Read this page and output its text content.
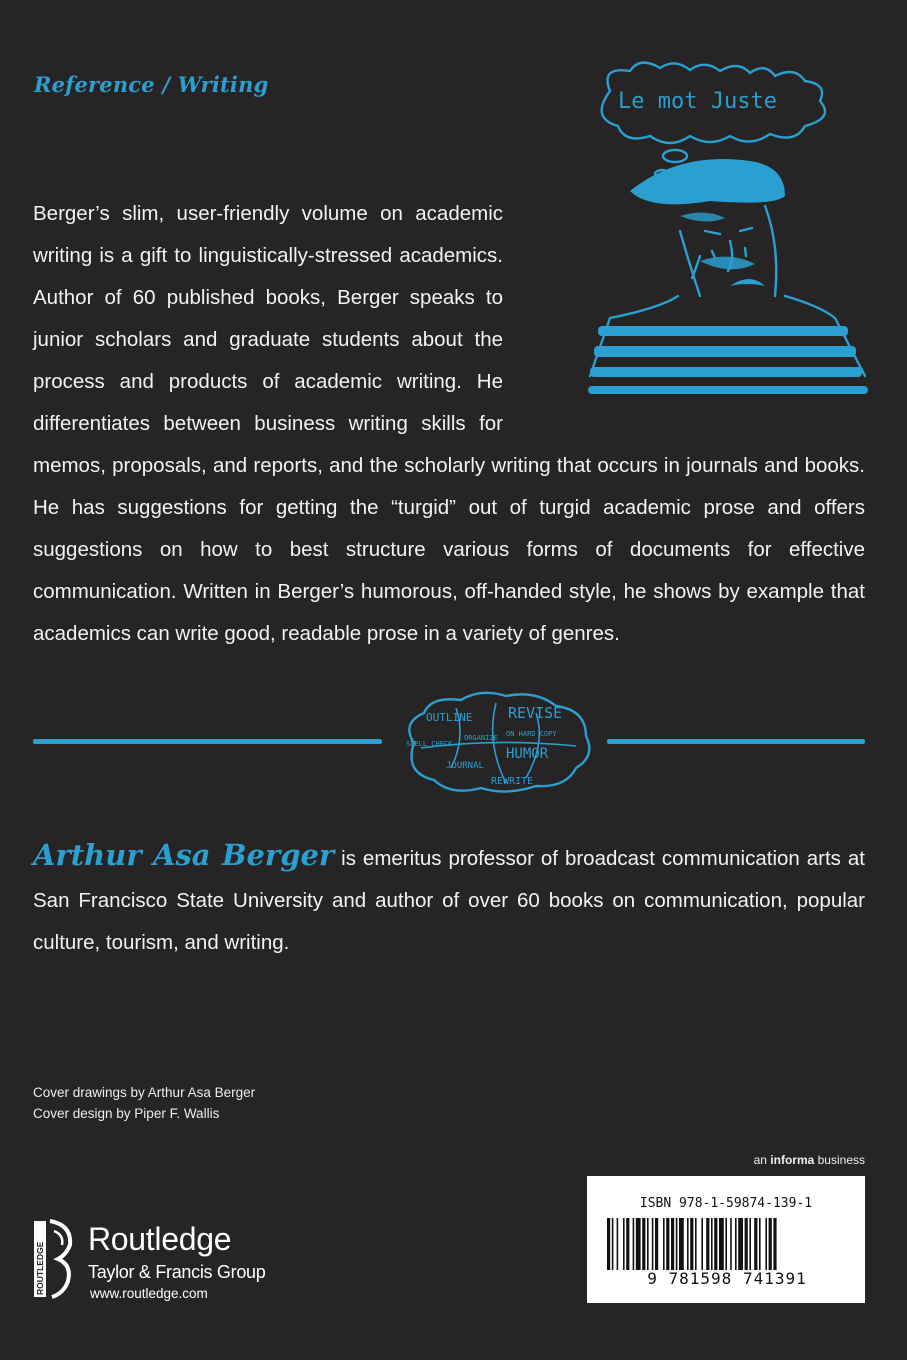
Reference / Writing
Le mot Juste

Berger’s slim, user-friendly volume on academic writing is a gift to linguistically-stressed academics. Author of 60 published books, Berger speaks to junior scholars and graduate students about the process and products of academic writing. He differentiates between business writing skills for memos, proposals, and reports, and the scholarly writing that occurs in journals and books. He has suggestions for getting the “turgid” out of turgid academic prose and offers suggestions on how to best structure various forms of documents for effective communication. Written in Berger’s humorous, off-handed style, he shows by example that academics can write good, readable prose in a variety of genres.

OUTLINE REVISE
SPELL CHECK
ORGANIZE ON HARD COPY
HUMOR
JOURNAL
REWRITE

Arthur Asa Berger is emeritus professor of broadcast communication arts at San Francisco State University and author of over 60 books on communication, popular culture, tourism, and writing.

Cover drawings by Arthur Asa Berger
Cover design by Piper F. Wallis
an informa business
ISBN 978-1-59874-139-1
9 781598 741391
ROUTLEDGE
Routledge
Taylor & Francis Group
www.routledge.com
